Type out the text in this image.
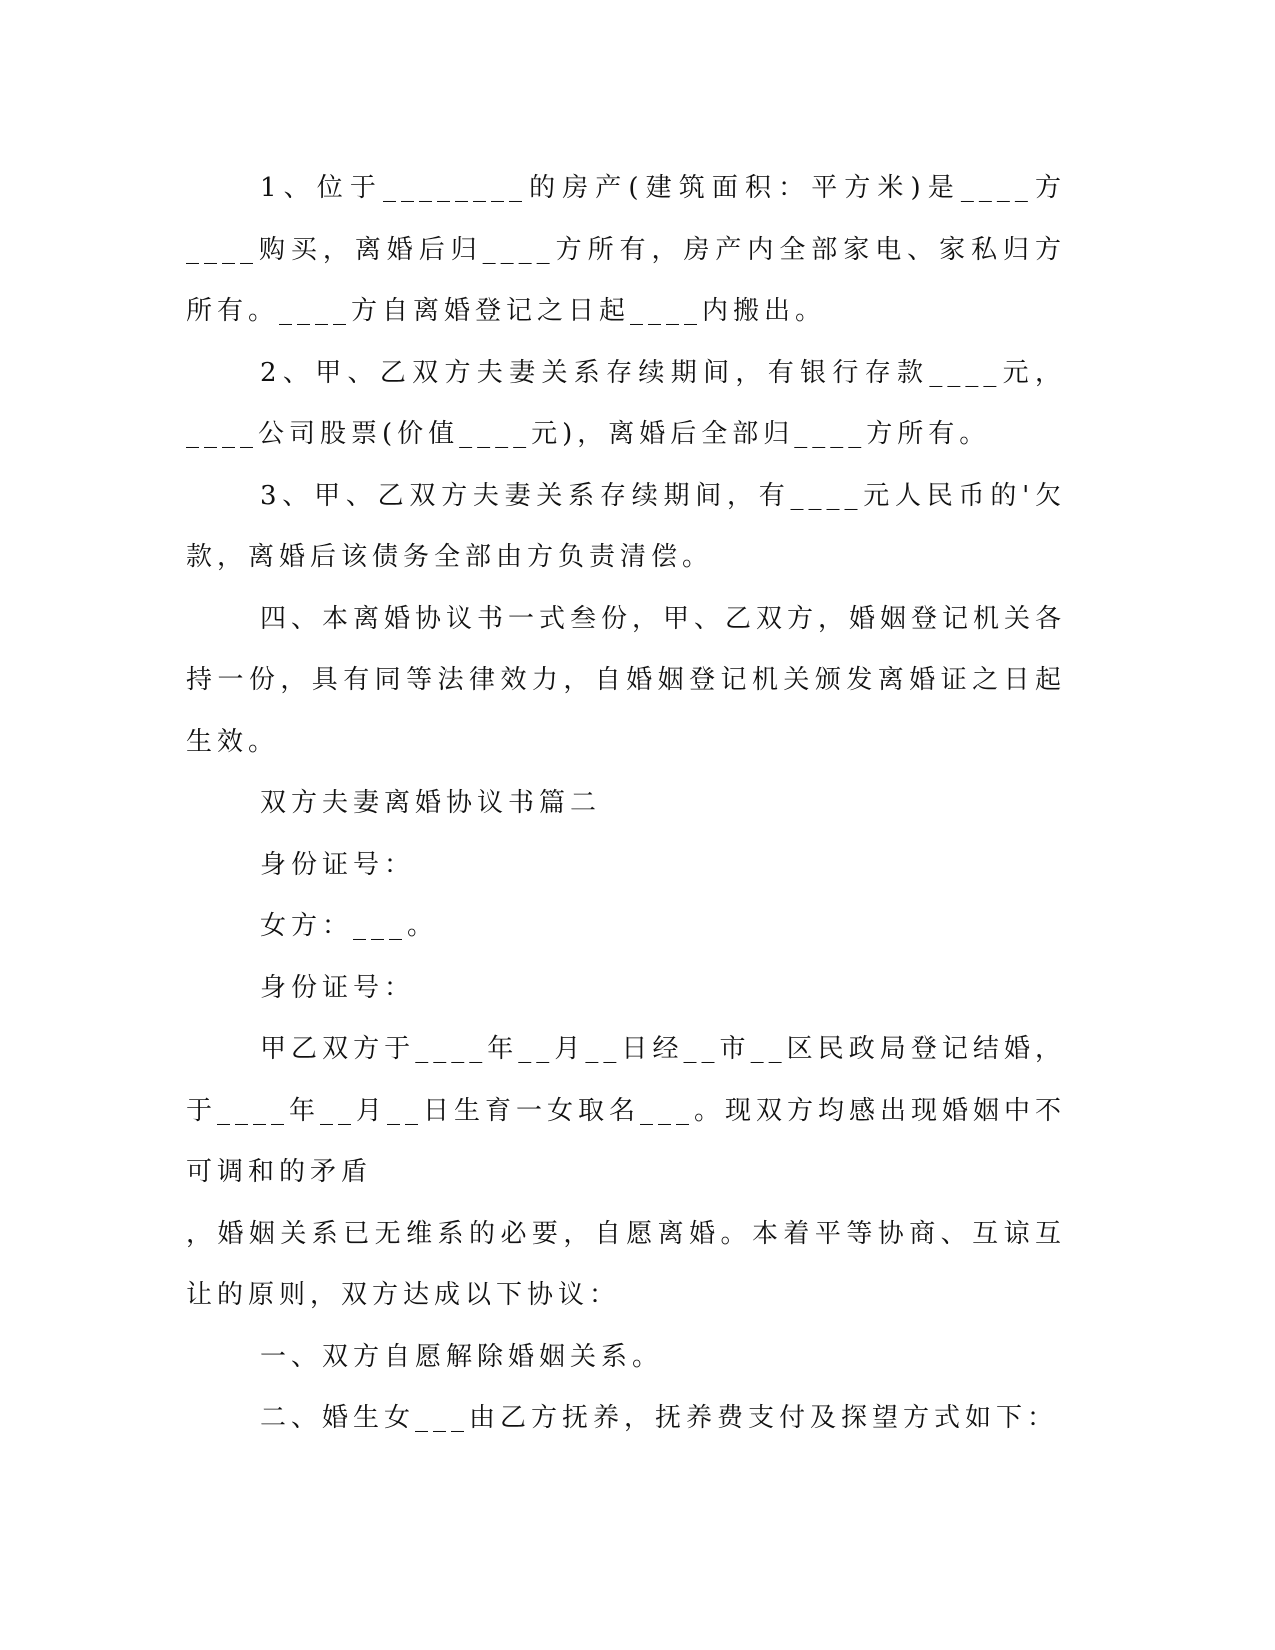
1、位于________的房产(建筑面积：平方米)是____方____购买，离婚后归____方所有，房产内全部家电、家私归方所有。____方自离婚登记之日起____内搬出。

2、甲、乙双方夫妻关系存续期间，有银行存款____元，____公司股票(价值____元)，离婚后全部归____方所有。

3、甲、乙双方夫妻关系存续期间，有____元人民币的'欠款，离婚后该债务全部由方负责清偿。

四、本离婚协议书一式叁份，甲、乙双方，婚姻登记机关各持一份，具有同等法律效力，自婚姻登记机关颁发离婚证之日起生效。

双方夫妻离婚协议书篇二

身份证号：

女方：___。

身份证号：

甲乙双方于____年__月__日经__市__区民政局登记结婚，于____年__月__日生育一女取名___。现双方均感出现婚姻中不可调和的矛盾

，婚姻关系已无维系的必要，自愿离婚。本着平等协商、互谅互让的原则，双方达成以下协议：

一、双方自愿解除婚姻关系。

二、婚生女___由乙方抚养，抚养费支付及探望方式如下：
